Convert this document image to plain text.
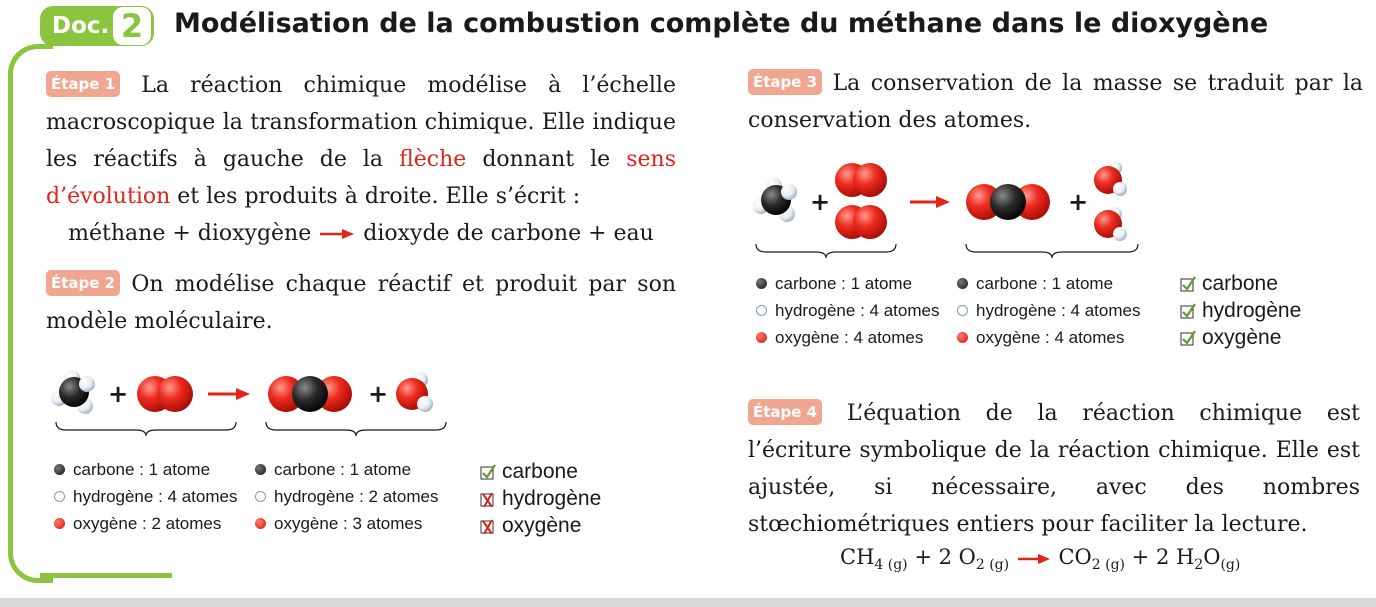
Doc. 2 Modélisation de la combustion complète du méthane dans le dioxygène
Étape 1 La réaction chimique modélise à l’échelle macroscopique la transformation chimique. Elle indique les réactifs à gauche de la flèche donnant le sens d’évolution et les produits à droite. Elle s’écrit :
méthane + dioxygène → dioxyde de carbone + eau
Étape 2 On modélise chaque réactif et produit par son modèle moléculaire.
+	+
carbone : 1 atome
hydrogène : 4 atomes
oxygène : 2 atomes
carbone : 1 atome
hydrogène : 2 atomes
oxygène : 3 atomes
carbone
hydrogène
oxygène
Étape 3 La conservation de la masse se traduit par la conservation des atomes.
+	+
carbone : 1 atome
hydrogène : 4 atomes
oxygène : 4 atomes
carbone : 1 atome
hydrogène : 4 atomes
oxygène : 4 atomes
carbone
hydrogène
oxygène
Étape 4 L’équation de la réaction chimique est l’écriture symbolique de la réaction chimique. Elle est ajustée, si nécessaire, avec des nombres stœchiométriques entiers pour faciliter la lecture.
$CH_{4 (g)} + 2$ $O_{2 (g)} \to CO_{2 (g)} + 2$ $H_2O_{(g)}$
